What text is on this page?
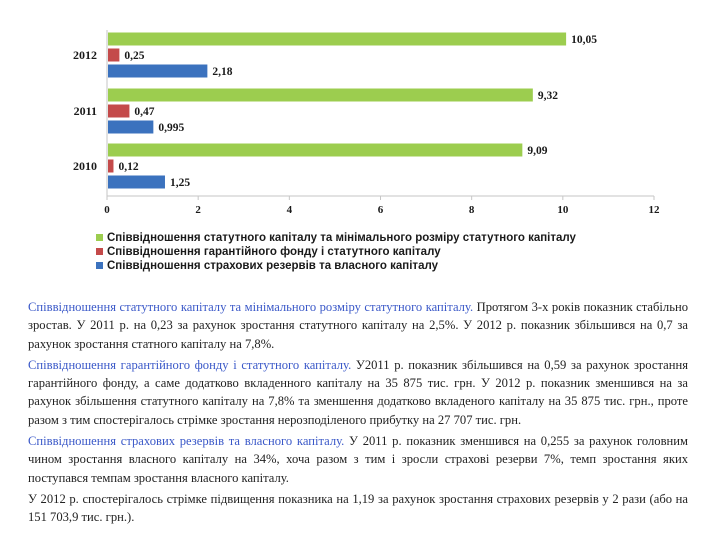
0	2	4	6	8	10	12
2012
2011
2010
10,05
0,25
2,18
9,32
0,47
0,995
9,09
0,12
1,25
Співвідношення статутного капіталу та мінімального розміру статутного капіталу
Співвідношення гарантійного фонду і статутного капіталу
Співвідношення страхових резервів та власного капіталу

Співвідношення статутного капіталу та мінімального розміру статутного капіталу. Протягом 3-х років показник стабільно зростав. У 2011 р. на 0,23 за рахунок зростання статутного капіталу на 2,5%. У 2012 р. показник збільшився на 0,7 за рахунок зростання статного капіталу на 7,8%.

Співвідношення гарантійного фонду і статутного капіталу. У2011 р. показник збільшився на 0,59 за рахунок зростання гарантійного фонду, а саме додатково вкладенного капіталу на 35 875 тис. грн. У 2012 р. показник зменшився на за рахунок збільшення статутного капіталу на 7,8% та зменшення додатково вкладеного капіталу на 35 875 тис. грн., проте разом з тим спостерігалось стрімке зростання нерозподіленого прибутку на 27 707 тис. грн.

Співвідношення страхових резервів та власного капіталу. У 2011 р. показник зменшився на 0,255 за рахунок головним чином зростання власного капіталу на 34%, хоча разом з тим і зросли страхові резерви 7%, темп зростання яких поступався темпам зростання власного капіталу.

У 2012 р. спостерігалось стрімке підвищення показника на 1,19 за рахунок зростання страхових резервів у 2 рази (або на 151 703,9 тис. грн.).
